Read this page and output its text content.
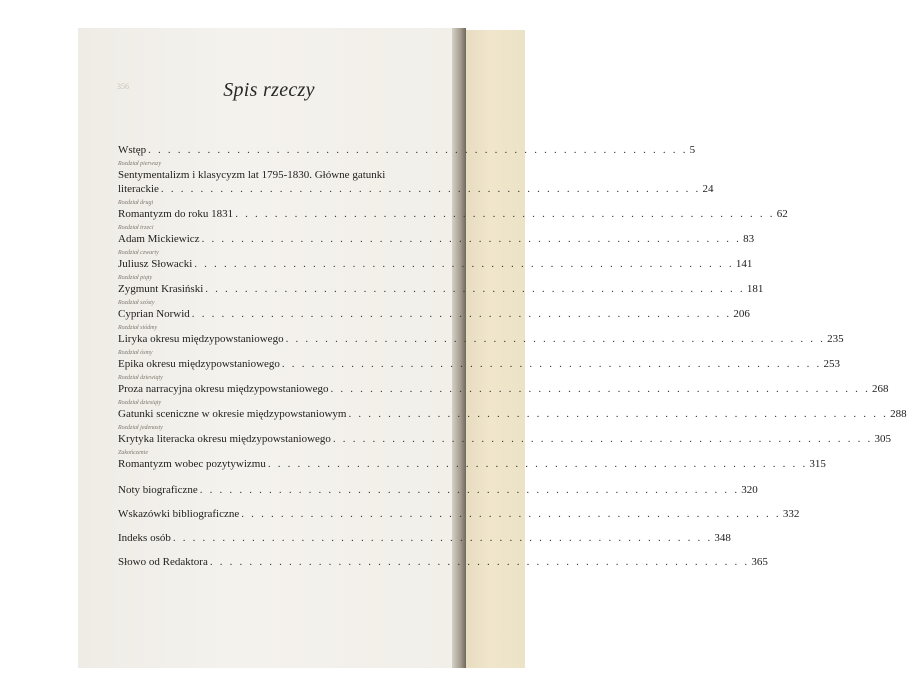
356	Spis rzeczy
Wstęp . . . . . . . . . . . . . . . . . . . . . . . . . . . . . . . . . . . . . . . . . . . . . . . . . . . . . . . 5
Rozdział pierwszy
Sentymentalizm i klasycyzm lat 1795-1830. Główne gatunki
literackie . . . . . . . . . . . . . . . . . . . . . . . . . . . . . . . . . . . . . . . . . . . . . . . . . . . . . . . 24
Rozdział drugi
Romantyzm do roku 1831 . . . . . . . . . . . . . . . . . . . . . . . . . . . . . . . . . . . . . . . . . . . . . . . . . . . . . . . 62
Rozdział trzeci
Adam Mickiewicz . . . . . . . . . . . . . . . . . . . . . . . . . . . . . . . . . . . . . . . . . . . . . . . . . . . . . . . 83
Rozdział czwarty
Juliusz Słowacki . . . . . . . . . . . . . . . . . . . . . . . . . . . . . . . . . . . . . . . . . . . . . . . . . . . . . . . 141
Rozdział piąty
Zygmunt Krasiński . . . . . . . . . . . . . . . . . . . . . . . . . . . . . . . . . . . . . . . . . . . . . . . . . . . . . . . 181
Rozdział szósty
Cyprian Norwid . . . . . . . . . . . . . . . . . . . . . . . . . . . . . . . . . . . . . . . . . . . . . . . . . . . . . . . 206
Rozdział siódmy
Liryka okresu międzypowstaniowego . . . . . . . . . . . . . . . . . . . . . . . . . . . . . . . . . . . . . . . . . . . . . . . . . . . . . . . 235
Rozdział ósmy
Epika okresu międzypowstaniowego . . . . . . . . . . . . . . . . . . . . . . . . . . . . . . . . . . . . . . . . . . . . . . . . . . . . . . . 253
Rozdział dziewiąty
Proza narracyjna okresu międzypowstaniowego . . . . . . . . . . . . . . . . . . . . . . . . . . . . . . . . . . . . . . . . . . . . . . . . . . . . . . . 268
Rozdział dziesiąty
Gatunki sceniczne w okresie międzypowstaniowym . . . . . . . . . . . . . . . . . . . . . . . . . . . . . . . . . . . . . . . . . . . . . . . . . . . . . . . 288
Rozdział jedenasty
Krytyka literacka okresu międzypowstaniowego . . . . . . . . . . . . . . . . . . . . . . . . . . . . . . . . . . . . . . . . . . . . . . . . . . . . . . . 305
Zakończenie
Romantyzm wobec pozytywizmu . . . . . . . . . . . . . . . . . . . . . . . . . . . . . . . . . . . . . . . . . . . . . . . . . . . . . . . 315
Noty biograficzne . . . . . . . . . . . . . . . . . . . . . . . . . . . . . . . . . . . . . . . . . . . . . . . . . . . . . . . 320
Wskazówki bibliograficzne . . . . . . . . . . . . . . . . . . . . . . . . . . . . . . . . . . . . . . . . . . . . . . . . . . . . . . . 332
Indeks osób . . . . . . . . . . . . . . . . . . . . . . . . . . . . . . . . . . . . . . . . . . . . . . . . . . . . . . . 348
Słowo od Redaktora . . . . . . . . . . . . . . . . . . . . . . . . . . . . . . . . . . . . . . . . . . . . . . . . . . . . . . . 365
